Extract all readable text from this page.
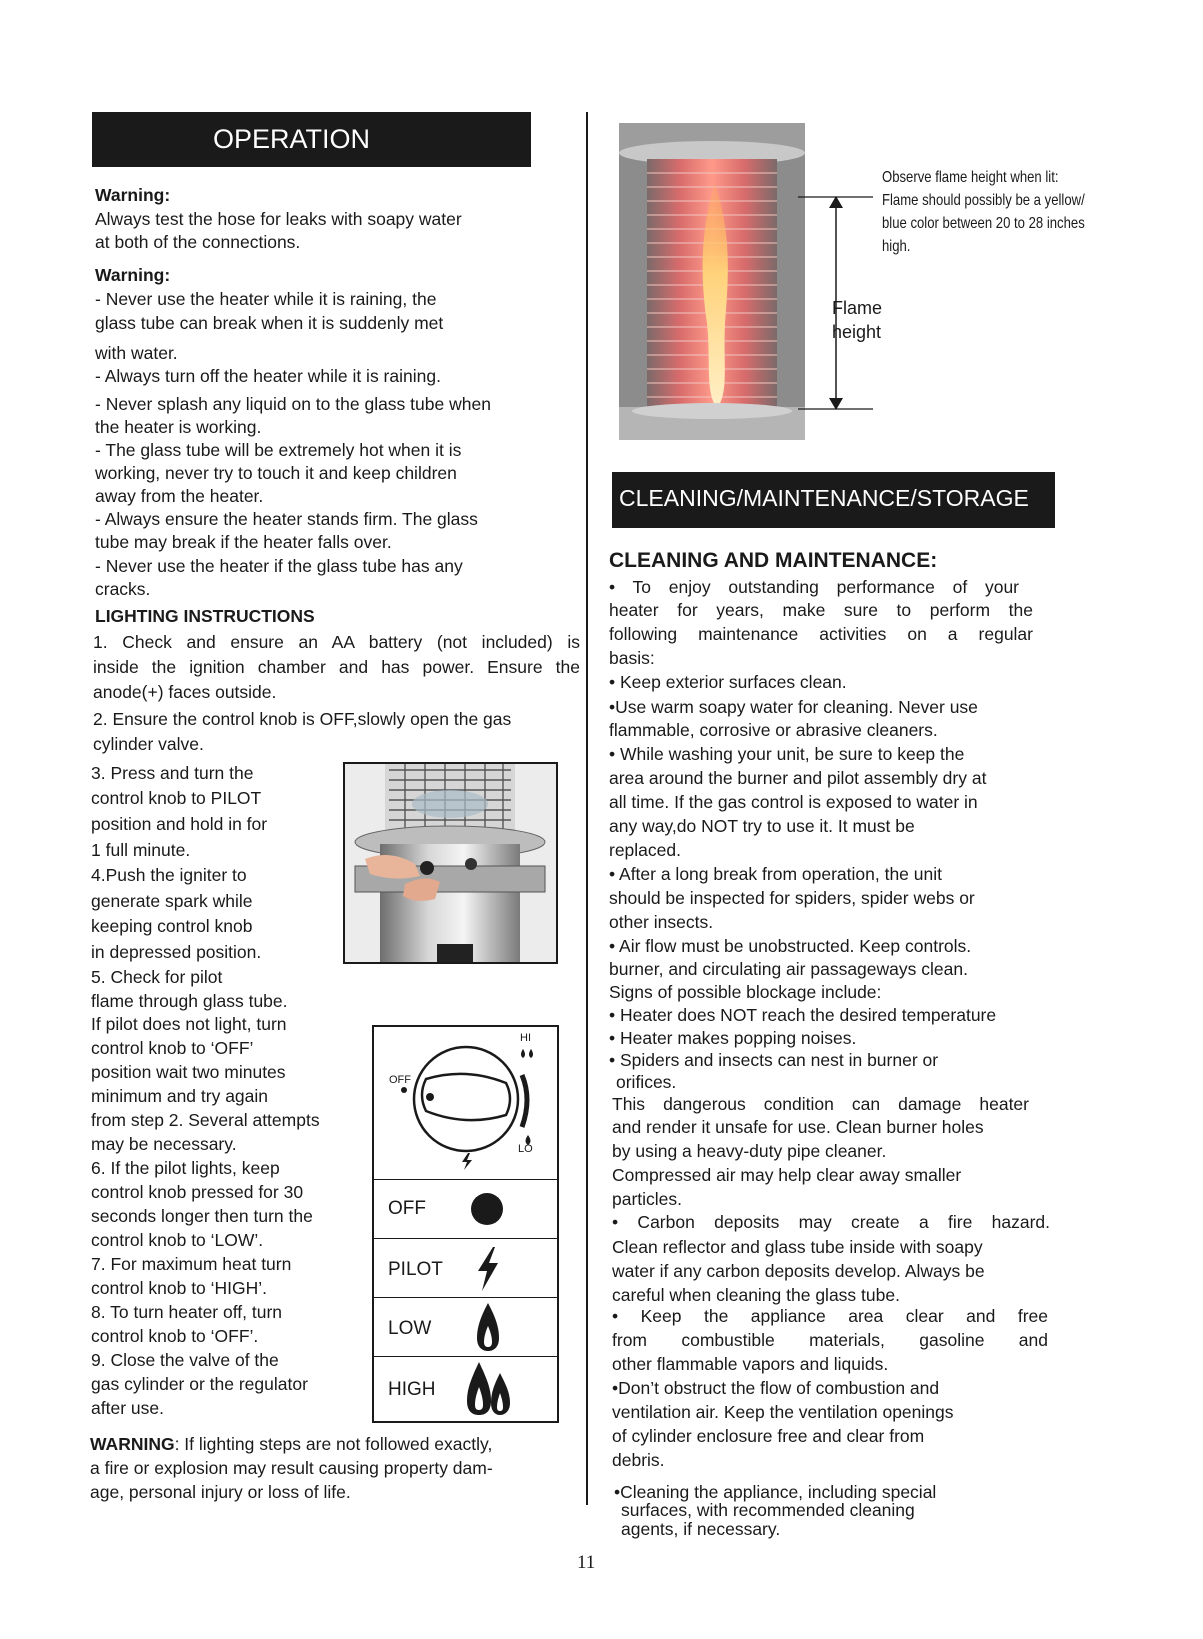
OPERATION
Warning:
Always test the hose for leaks with soapy water
at both of the connections.
Warning:
- Never use the heater while it is raining, the
glass tube can break when it is suddenly met
with water.
- Always turn off the heater while it is raining.
- Never splash any liquid on to the glass tube when
the heater is working.
- The glass tube will be extremely hot when it is
working, never try to touch it and keep children
away from the heater.
- Always ensure the heater stands firm. The glass
tube may break if the heater falls over.
- Never use the heater if the glass tube has any
cracks.
LIGHTING INSTRUCTIONS
1. Check and ensure an AA battery (not included) is
inside the ignition chamber and has power. Ensure the
anode(+) faces outside.
2. Ensure the control knob is OFF,slowly open the gas
cylinder valve.
3. Press and turn the
control knob to PILOT
position and hold in for
1 full minute.
4.Push the igniter to
generate spark while
keeping control knob
in depressed position.
5. Check for pilot
flame through glass tube.
If pilot does not light, turn
control knob to ‘OFF’
position wait two minutes
minimum and try again
from step 2. Several attempts
may be necessary.
6. If the pilot lights, keep
control knob pressed for 30
seconds longer then turn the
control knob to ‘LOW’.
7. For maximum heat turn
control knob to ‘HIGH’.
8. To turn heater off, turn
control knob to ‘OFF’.
9. Close the valve of the
gas cylinder or the regulator
after use.
WARNING: If lighting steps are not followed exactly,
a fire or explosion may result causing property dam-
age, personal injury or loss of life.
HI
OFF
LO
OFF
PILOT
LOW
HIGH
Flame
height
Observe flame height when lit:
Flame should possibly be a yellow/
blue color between 20 to 28 inches
high.
CLEANING/MAINTENANCE/STORAGE
CLEANING AND MAINTENANCE:
• To enjoy outstanding performance of your
heater for years, make sure to perform the
following maintenance activities on a regular
basis:
• Keep exterior surfaces clean.
•Use warm soapy water for cleaning. Never use
flammable, corrosive or abrasive cleaners.
• While washing your unit, be sure to keep the
area around the burner and pilot assembly dry at
all time. If the gas control is exposed to water in
any way,do NOT try to use it. It must be
replaced.
• After a long break from operation, the unit
should be inspected for spiders, spider webs or
other insects.
• Air flow must be unobstructed. Keep controls.
burner, and circulating air passageways clean.
Signs of possible blockage include:
• Heater does NOT reach the desired temperature
• Heater makes popping noises.
• Spiders and insects can nest in burner or
orifices.
This dangerous condition can damage heater
and render it unsafe for use. Clean burner holes
by using a heavy-duty pipe cleaner.
Compressed air may help clear away smaller
particles.
• Carbon deposits may create a fire hazard.
Clean reflector and glass tube inside with soapy
water if any carbon deposits develop. Always be
careful when cleaning the glass tube.
• Keep the appliance area clear and free
from combustible materials, gasoline and
other flammable vapors and liquids.
•Don’t obstruct the flow of combustion and
ventilation air. Keep the ventilation openings
of cylinder enclosure free and clear from
debris.
•Cleaning the appliance, including special
surfaces, with recommended cleaning
agents, if necessary.
11
